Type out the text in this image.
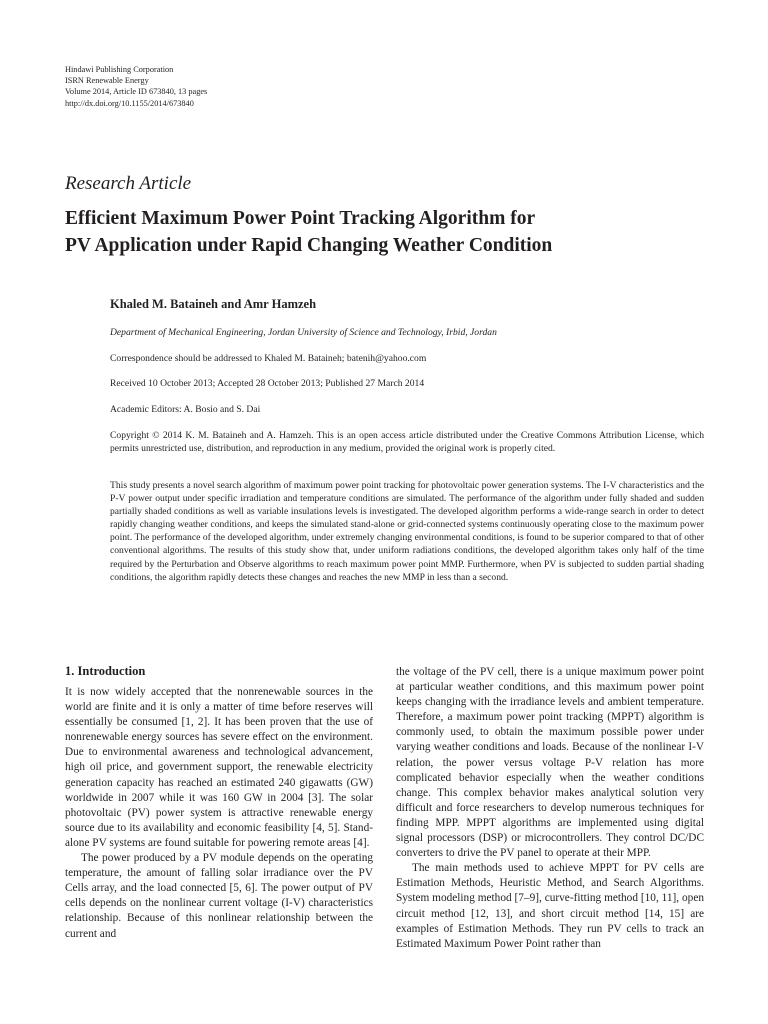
Hindawi Publishing Corporation
ISRN Renewable Energy
Volume 2014, Article ID 673840, 13 pages
http://dx.doi.org/10.1155/2014/673840
Research Article
Efficient Maximum Power Point Tracking Algorithm for
PV Application under Rapid Changing Weather Condition
Khaled M. Bataineh and Amr Hamzeh
Department of Mechanical Engineering, Jordan University of Science and Technology, Irbid, Jordan
Correspondence should be addressed to Khaled M. Bataineh; batenih@yahoo.com
Received 10 October 2013; Accepted 28 October 2013; Published 27 March 2014
Academic Editors: A. Bosio and S. Dai
Copyright © 2014 K. M. Bataineh and A. Hamzeh. This is an open access article distributed under the Creative Commons Attribution License, which permits unrestricted use, distribution, and reproduction in any medium, provided the original work is properly cited.
This study presents a novel search algorithm of maximum power point tracking for photovoltaic power generation systems. The I-V characteristics and the P-V power output under specific irradiation and temperature conditions are simulated. The performance of the algorithm under fully shaded and sudden partially shaded conditions as well as variable insulations levels is investigated. The developed algorithm performs a wide-range search in order to detect rapidly changing weather conditions, and keeps the simulated stand-alone or grid-connected systems continuously operating close to the maximum power point. The performance of the developed algorithm, under extremely changing environmental conditions, is found to be superior compared to that of other conventional algorithms. The results of this study show that, under uniform radiations conditions, the developed algorithm takes only half of the time required by the Perturbation and Observe algorithms to reach maximum power point MMP. Furthermore, when PV is subjected to sudden partial shading conditions, the algorithm rapidly detects these changes and reaches the new MMP in less than a second.
1. Introduction

It is now widely accepted that the nonrenewable sources in the world are finite and it is only a matter of time before reserves will essentially be consumed [1, 2]. It has been proven that the use of nonrenewable energy sources has severe effect on the environment. Due to environmental awareness and technological advancement, high oil price, and government support, the renewable electricity generation capacity has reached an estimated 240 gigawatts (GW) worldwide in 2007 while it was 160 GW in 2004 [3]. The solar photovoltaic (PV) power system is attractive renewable energy source due to its availability and economic feasibility [4, 5]. Stand-alone PV systems are found suitable for powering remote areas [4].

The power produced by a PV module depends on the operating temperature, the amount of falling solar irradiance over the PV Cells array, and the load connected [5, 6]. The power output of PV cells depends on the nonlinear current voltage (I-V) characteristics relationship. Because of this nonlinear relationship between the current and

the voltage of the PV cell, there is a unique maximum power point at particular weather conditions, and this maximum power point keeps changing with the irradiance levels and ambient temperature. Therefore, a maximum power point tracking (MPPT) algorithm is commonly used, to obtain the maximum possible power under varying weather conditions and loads. Because of the nonlinear I-V relation, the power versus voltage P-V relation has more complicated behavior especially when the weather conditions change. This complex behavior makes analytical solution very difficult and force researchers to develop numerous techniques for finding MPP. MPPT algorithms are implemented using digital signal processors (DSP) or microcontrollers. They control DC/DC converters to drive the PV panel to operate at their MPP.

The main methods used to achieve MPPT for PV cells are Estimation Methods, Heuristic Method, and Search Algorithms. System modeling method [7–9], curve-fitting method [10, 11], open circuit method [12, 13], and short circuit method [14, 15] are examples of Estimation Methods. They run PV cells to track an Estimated Maximum Power Point rather than
